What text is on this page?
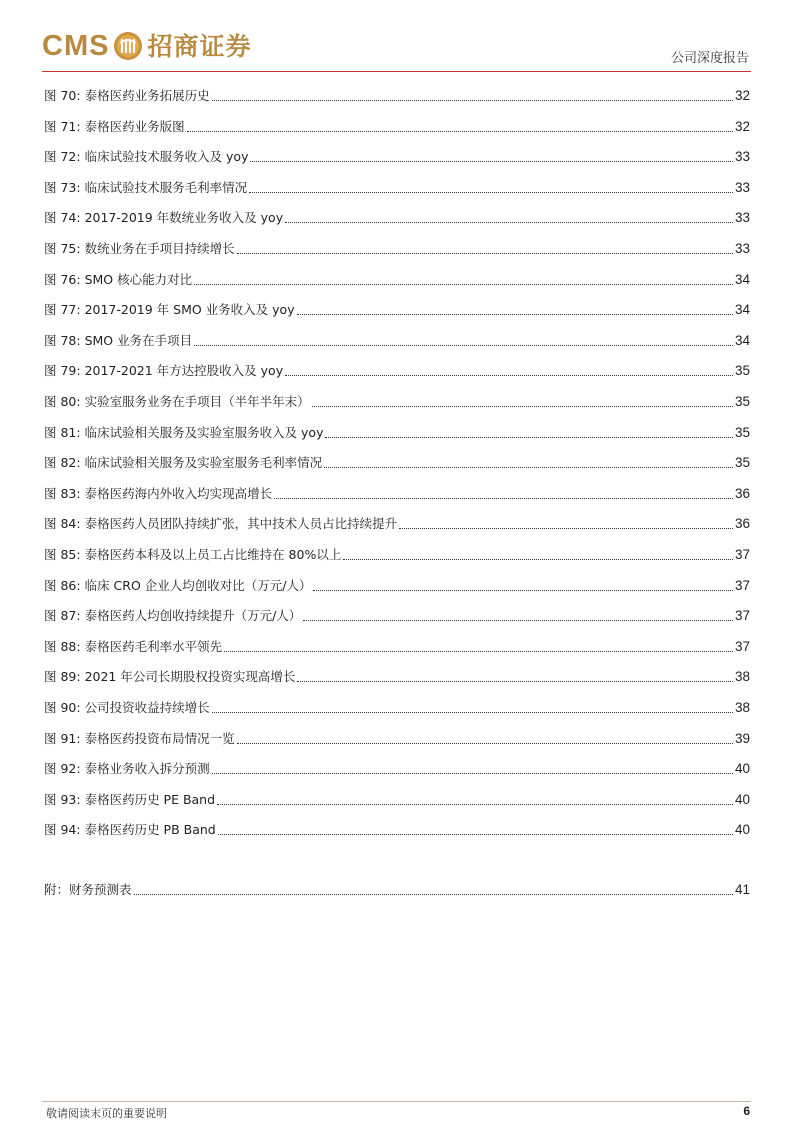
CMS 招商证券	公司深度报告
图 70: 泰格医药业务拓展历史	32
图 71: 泰格医药业务版图	32
图 72: 临床试验技术服务收入及 yoy	33
图 73: 临床试验技术服务毛利率情况	33
图 74: 2017-2019 年数统业务收入及 yoy	33
图 75: 数统业务在手项目持续增长	33
图 76: SMO 核心能力对比	34
图 77: 2017-2019 年 SMO 业务收入及 yoy	34
图 78: SMO 业务在手项目	34
图 79: 2017-2021 年方达控股收入及 yoy	35
图 80: 实验室服务业务在手项目（半年半年末）	35
图 81: 临床试验相关服务及实验室服务收入及 yoy	35
图 82: 临床试验相关服务及实验室服务毛利率情况	35
图 83: 泰格医药海内外收入均实现高增长	36
图 84: 泰格医药人员团队持续扩张，其中技术人员占比持续提升	36
图 85: 泰格医药本科及以上员工占比维持在 80%以上	37
图 86: 临床 CRO 企业人均创收对比（万元/人）	37
图 87: 泰格医药人均创收持续提升（万元/人）	37
图 88: 泰格医药毛利率水平领先	37
图 89: 2021 年公司长期股权投资实现高增长	38
图 90: 公司投资收益持续增长	38
图 91: 泰格医药投资布局情况一览	39
图 92: 泰格业务收入拆分预测	40
图 93: 泰格医药历史 PE Band	40
图 94: 泰格医药历史 PB Band	40
附：财务预测表	41
敬请阅读末页的重要说明	6
